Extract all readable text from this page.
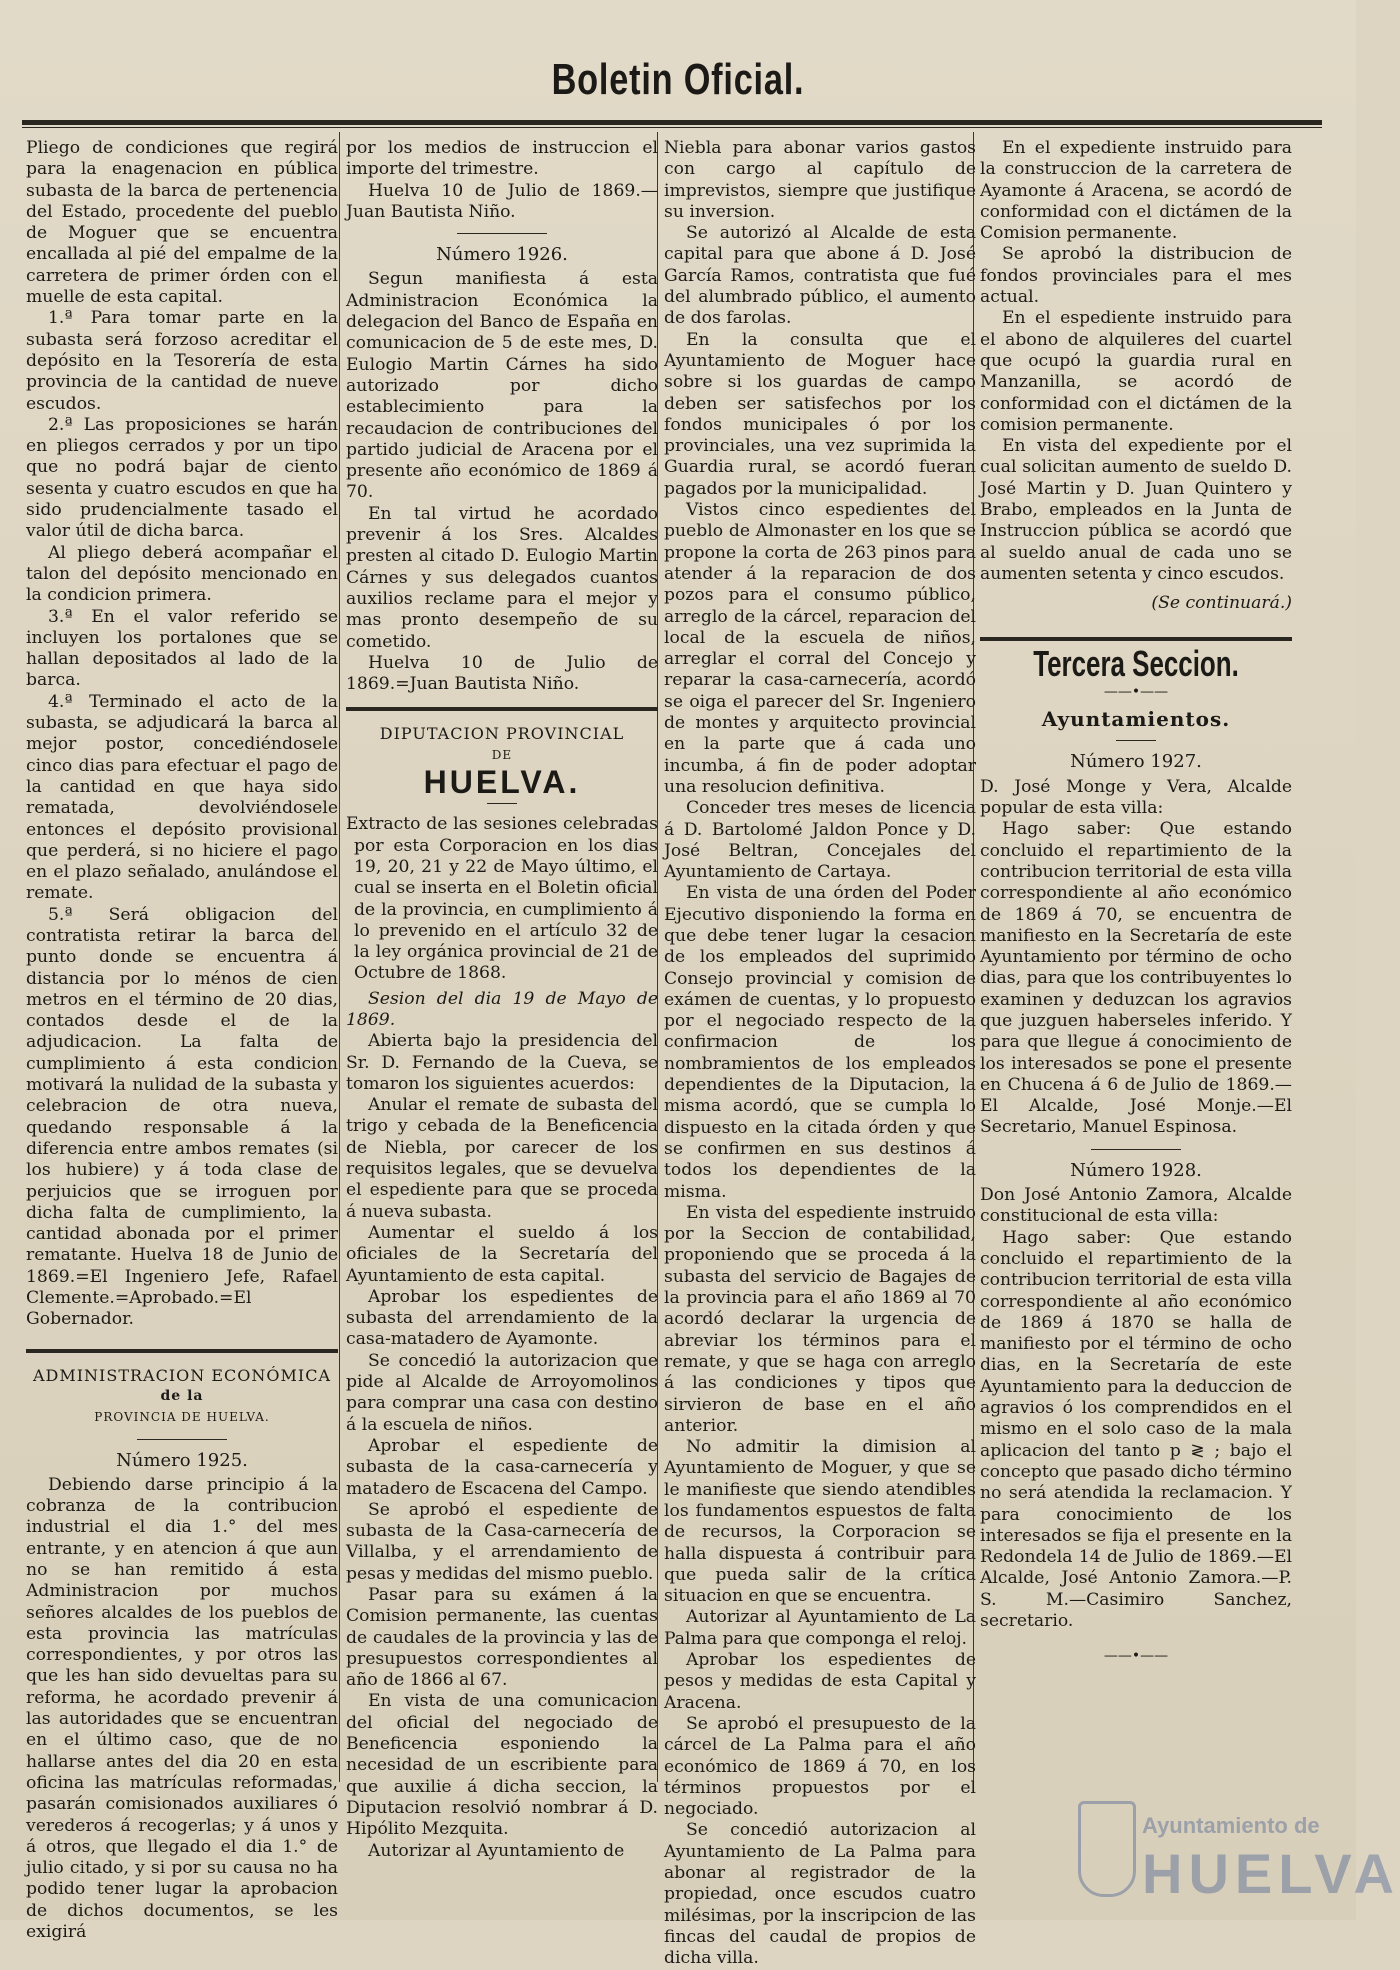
Boletin Oficial.

Pliego de condiciones que regirá para la enagenacion en pública subasta de la barca de pertenencia del Estado, procedente del pueblo de Moguer que se encuentra encallada al pié del empalme de la carretera de primer órden con el muelle de esta capital.

1.ª Para tomar parte en la subasta será forzoso acreditar el depósito en la Tesorería de esta provincia de la cantidad de nueve escudos.

2.ª Las proposiciones se harán en pliegos cerrados y por un tipo que no podrá bajar de ciento sesenta y cuatro escudos en que ha sido prudencialmente tasado el valor útil de dicha barca.

Al pliego deberá acompañar el talon del depósito mencionado en la condicion primera.

3.ª En el valor referido se incluyen los portalones que se hallan depositados al lado de la barca.

4.ª Terminado el acto de la subasta, se adjudicará la barca al mejor postor, concediéndosele cinco dias para efectuar el pago de la cantidad en que haya sido rematada, devolviéndosele entonces el depósito provisional que perderá, si no hiciere el pago en el plazo señalado, anulándose el remate.

5.ª Será obligacion del contratista retirar la barca del punto donde se encuentra á distancia por lo ménos de cien metros en el término de 20 dias, contados desde el de la adjudicacion. La falta de cumplimiento á esta condicion motivará la nulidad de la subasta y celebracion de otra nueva, quedando responsable á la diferencia entre ambos remates (si los hubiere) y á toda clase de perjuicios que se irroguen por dicha falta de cumplimiento, la cantidad abonada por el primer rematante. Huelva 18 de Junio de 1869.=El Ingeniero Jefe, Rafael Clemente.=Aprobado.=El Gobernador.

ADMINISTRACION ECONÓMICA
de la
PROVINCIA DE HUELVA.
Número 1925.

Debiendo darse principio á la cobranza de la contribucion industrial el dia 1.° del mes entrante, y en atencion á que aun no se han remitido á esta Administracion por muchos señores alcaldes de los pueblos de esta provincia las matrículas correspondientes, y por otros las que les han sido devueltas para su reforma, he acordado prevenir á las autoridades que se encuentran en el último caso, que de no hallarse antes del dia 20 en esta oficina las matrículas reformadas, pasarán comisionados auxiliares ó verederos á recogerlas; y á unos y á otros, que llegado el dia 1.° de julio citado, y si por su causa no ha podido tener lugar la aprobacion de dichos documentos, se les exigirá

por los medios de instruccion el importe del trimestre.

Huelva 10 de Julio de 1869.—Juan Bautista Niño.

Número 1926.

Segun manifiesta á esta Administracion Económica la delegacion del Banco de España en comunicacion de 5 de este mes, D. Eulogio Martin Cárnes ha sido autorizado por dicho establecimiento para la recaudacion de contribuciones del partido judicial de Aracena por el presente año económico de 1869 á 70.

En tal virtud he acordado prevenir á los Sres. Alcaldes presten al citado D. Eulogio Martin Cárnes y sus delegados cuantos auxilios reclame para el mejor y mas pronto desempeño de su cometido.

Huelva 10 de Julio de 1869.=Juan Bautista Niño.

DIPUTACION PROVINCIAL
DE
HUELVA.

Extracto de las sesiones celebradas por esta Corporacion en los dias 19, 20, 21 y 22 de Mayo último, el cual se inserta en el Boletin oficial de la provincia, en cumplimiento á lo prevenido en el artículo 32 de la ley orgánica provincial de 21 de Octubre de 1868.

Sesion del dia 19 de Mayo de 1869.

Abierta bajo la presidencia del Sr. D. Fernando de la Cueva, se tomaron los siguientes acuerdos:

Anular el remate de subasta del trigo y cebada de la Beneficencia de Niebla, por carecer de los requisitos legales, que se devuelva el espediente para que se proceda á nueva subasta.

Aumentar el sueldo á los oficiales de la Secretaría del Ayuntamiento de esta capital.

Aprobar los espedientes de subasta del arrendamiento de la casa-matadero de Ayamonte.

Se concedió la autorizacion que pide al Alcalde de Arroyomolinos para comprar una casa con destino á la escuela de niños.

Aprobar el espediente de subasta de la casa-carnecería y matadero de Escacena del Campo.

Se aprobó el espediente de subasta de la Casa-carnecería de Villalba, y el arrendamiento de pesas y medidas del mismo pueblo.

Pasar para su exámen á la Comision permanente, las cuentas de caudales de la provincia y las de presupuestos correspondientes al año de 1866 al 67.

En vista de una comunicacion del oficial del negociado de Beneficencia esponiendo la necesidad de un escribiente para que auxilie á dicha seccion, la Diputacion resolvió nombrar á D. Hipólito Mezquita.

Autorizar al Ayuntamiento de

Niebla para abonar varios gastos con cargo al capítulo de imprevistos, siempre que justifique su inversion.

Se autorizó al Alcalde de esta capital para que abone á D. José García Ramos, contratista que fué del alumbrado público, el aumento de dos farolas.

En la consulta que el Ayuntamiento de Moguer hace sobre si los guardas de campo deben ser satisfechos por los fondos municipales ó por los provinciales, una vez suprimida la Guardia rural, se acordó fueran pagados por la municipalidad.

Vistos cinco espedientes del pueblo de Almonaster en los que se propone la corta de 263 pinos para atender á la reparacion de dos pozos para el consumo público, arreglo de la cárcel, reparacion del local de la escuela de niños, arreglar el corral del Concejo y reparar la casa-carnecería, acordó se oiga el parecer del Sr. Ingeniero de montes y arquitecto provincial en la parte que á cada uno incumba, á fin de poder adoptar una resolucion definitiva.

Conceder tres meses de licencia á D. Bartolomé Jaldon Ponce y D. José Beltran, Concejales del Ayuntamiento de Cartaya.

En vista de una órden del Poder Ejecutivo disponiendo la forma en que debe tener lugar la cesacion de los empleados del suprimido Consejo provincial y comision de exámen de cuentas, y lo propuesto por el negociado respecto de la confirmacion de los nombramientos de los empleados dependientes de la Diputacion, la misma acordó, que se cumpla lo dispuesto en la citada órden y que se confirmen en sus destinos á todos los dependientes de la misma.

En vista del espediente instruido por la Seccion de contabilidad, proponiendo que se proceda á la subasta del servicio de Bagajes de la provincia para el año 1869 al 70 acordó declarar la urgencia de abreviar los términos para el remate, y que se haga con arreglo á las condiciones y tipos que sirvieron de base en el año anterior.

No admitir la dimision al Ayuntamiento de Moguer, y que se le manifieste que siendo atendibles los fundamentos espuestos de falta de recursos, la Corporacion se halla dispuesta á contribuir para que pueda salir de la crítica situacion en que se encuentra.

Autorizar al Ayuntamiento de La Palma para que componga el reloj.

Aprobar los espedientes de pesos y medidas de esta Capital y Aracena.

Se aprobó el presupuesto de la cárcel de La Palma para el año económico de 1869 á 70, en los términos propuestos por el negociado.

Se concedió autorizacion al Ayuntamiento de La Palma para abonar al registrador de la propiedad, once escudos cuatro milésimas, por la inscripcion de las fincas del caudal de propios de dicha villa.

En el expediente instruido para la construccion de la carretera de Ayamonte á Aracena, se acordó de conformidad con el dictámen de la Comision permanente.

Se aprobó la distribucion de fondos provinciales para el mes actual.

En el espediente instruido para el abono de alquileres del cuartel que ocupó la guardia rural en Manzanilla, se acordó de conformidad con el dictámen de la comision permanente.

En vista del expediente por el cual solicitan aumento de sueldo D. José Martin y D. Juan Quintero y Brabo, empleados en la Junta de Instruccion pública se acordó que al sueldo anual de cada uno se aumenten setenta y cinco escudos.

(Se continuará.)

Tercera Seccion.
——•——
Ayuntamientos.
Número 1927.

D. José Monge y Vera, Alcalde popular de esta villa:

Hago saber: Que estando concluido el repartimiento de la contribucion territorial de esta villa correspondiente al año económico de 1869 á 70, se encuentra de manifiesto en la Secretaría de este Ayuntamiento por término de ocho dias, para que los contribuyentes lo examinen y deduzcan los agravios que juzguen haberseles inferido. Y para que llegue á conocimiento de los interesados se pone el presente en Chucena á 6 de Julio de 1869.—El Alcalde, José Monje.—El Secretario, Manuel Espinosa.

Número 1928.

Don José Antonio Zamora, Alcalde constitucional de esta villa:

Hago saber: Que estando concluido el repartimiento de la contribucion territorial de esta villa correspondiente al año económico de 1869 á 1870 se halla de manifiesto por el término de ocho dias, en la Secretaría de este Ayuntamiento para la deduccion de agravios ó los comprendidos en el mismo en el solo caso de la mala aplicacion del tanto p ≷ ; bajo el concepto que pasado dicho término no será atendida la reclamacion. Y para conocimiento de los interesados se fija el presente en la Redondela 14 de Julio de 1869.—El Alcalde, José Antonio Zamora.—P. S. M.—Casimiro Sanchez, secretario.

——•——
Ayuntamiento de
HUELVA
